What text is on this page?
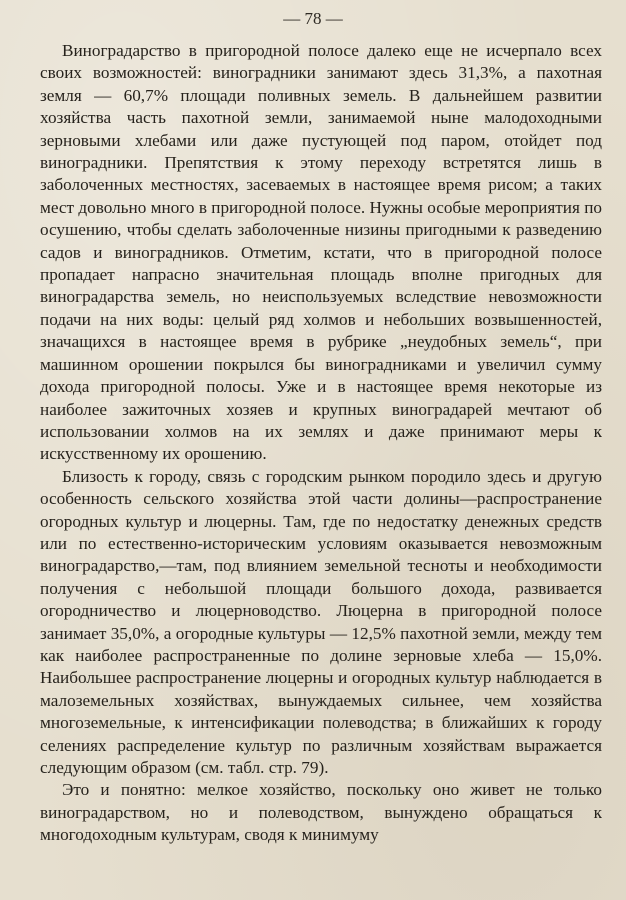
— 78 —

Виноградарство в пригородной полосе далеко еще не исчерпало всех своих возможностей: виноградники занимают здесь 31,3%, а пахотная земля — 60,7% площади поливных земель. В дальнейшем развитии хозяйства часть пахотной земли, занимаемой ныне малодоходными зерновыми хлебами или даже пустующей под паром, отойдет под виноградники. Препятствия к этому переходу встретятся лишь в заболоченных местностях, засеваемых в настоящее время рисом; а таких мест довольно много в пригородной полосе. Нужны особые мероприятия по осушению, чтобы сделать заболоченные низины пригодными к разведению садов и виноградников. Отметим, кстати, что в пригородной полосе пропадает напрасно значительная площадь вполне пригодных для виноградарства земель, но неиспользуемых вследствие невозможности подачи на них воды: целый ряд холмов и небольших возвышенностей, значащихся в настоящее время в рубрике „неудобных земель“, при машинном орошении покрылся бы виноградниками и увеличил сумму дохода пригородной полосы. Уже и в настоящее время некоторые из наиболее зажиточных хозяев и крупных виноградарей мечтают об использовании холмов на их землях и даже принимают меры к искусственному их орошению.

Близость к городу, связь с городским рынком породило здесь и другую особенность сельского хозяйства этой части долины—распространение огородных культур и люцерны. Там, где по недостатку денежных средств или по естественно-историческим условиям оказывается невозможным виноградарство,—там, под влиянием земельной тесноты и необходимости получения с небольшой площади большого дохода, развивается огородничество и люцерноводство. Люцерна в пригородной полосе занимает 35,0%, а огородные культуры — 12,5% пахотной земли, между тем как наиболее распространенные по долине зерновые хлеба — 15,0%. Наибольшее распространение люцерны и огородных культур наблюдается в малоземельных хозяйствах, вынуждаемых сильнее, чем хозяйства многоземельные, к интенсификации полеводства; в ближайших к городу селениях распределение культур по различным хозяйствам выражается следующим образом (см. табл. стр. 79).

Это и понятно: мелкое хозяйство, поскольку оно живет не только виноградарством, но и полеводством, вынуждено обращаться к многодоходным культурам, сводя к минимуму
